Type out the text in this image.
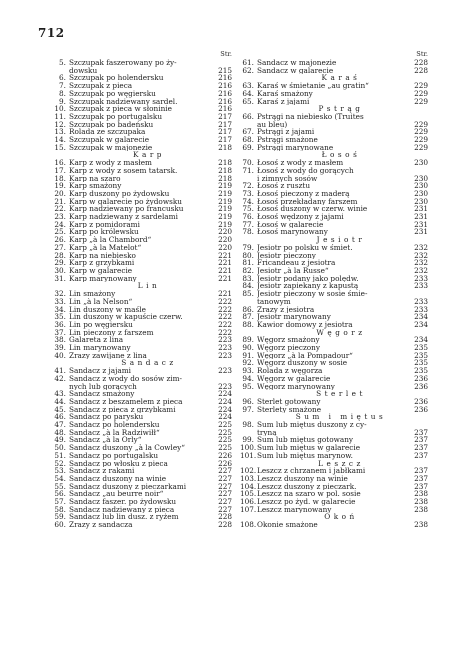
712
Str.
5. Szczupak faszerowany po ży-
dowsku	215
6. Szczupak po holendersku	216
7. Szczupak z pieca	216
8. Szczupak po węgiersku	216
9. Szczupak nadziewany sardel.	216
10. Szczupak z pieca w słoninie	216
11. Szczupak po portugalsku	217
12. Szczupak po badeńsku	217
13. Rolada ze szczupaka	217
14. Szczupak w galarecie	217
15. Szczupak w majonezie	218
Karp
16. Karp z wody z masłem	218
17. Karp z wody z sosem tatarsk.	218
18. Karp na szaro	218
19. Karp smażony	219
20. Karp duszony po żydowsku	219
21. Karp w galarecie po żydowsku	219
22. Karp nadziewany po francusku	219
23. Karp nadziewany z sardelami	219
24. Karp z pomidorami	219
25. Karp po królewsku	220
26. Karp „à la Chambord“	220
27. Karp „à la Matelot“	220
28. Karp na niebiesko	221
29. Karp z grzybkami	221
30. Karp w galarecie	221
31. Karp marynowany	221
Lin
32. Lin smażony	221
33. Lin „à la Nelson“	222
34. Lin duszony w maśle	222
35. Lin duszony w kapuście czerw.	222
36. Lin po węgiersku	222
37. Lin pieczony z farszem	222
38. Galareta z lina	223
39. Lin marynowany	223
40. Zrazy zawijane z lina	223
Sandacz
41. Sandacz z jajami	223
42. Sandacz z wody do sosów zim-
nych lub gorących	223
43. Sandacz smażony	224
44. Sandacz z beszamelem z pieca	224
45. Sandacz z pieca z grzybkami	224
46. Sandacz po parysku	224
47. Sandacz po holendersku	225
48. Sandacz „à la Radziwiłł“	225
49. Sandacz „à la Orly“	225
50. Sandacz duszony „à la Cowley“	225
51. Sandacz po portugalsku	226
52. Sandacz po włosku z pieca	226
53. Sandacz z rakami	227
54. Sandacz duszony na winie	227
55. Sandacz duszony z pieczarkami	227
56. Sandacz „au beurre noir“	227
57. Sandacz faszer. po żydowsku	227
58. Sandacz nadziewany z pieca	227
59. Sandacz lub lin dusz. z ryżem	228
60. Zrazy z sandacza	228
Str.
61. Sandacz w majonezie	228
62. Sandacz w galarecie	228
Karaś
63. Karaś w śmietanie „au gratin“	229
64. Karaś smażony	229
65. Karaś z jajami	229
Pstrąg
66. Pstrągi na niebiesko (Truites
au bleu)	229
67. Pstrągi z jajami	229
68. Pstrągi smażone	229
69. Pstrągi marynowane	229
Łosoś
70. Łosoś z wody z masłem	230
71. Łosoś z wody do gorących
i zimnych sosów	230
72. Łosoś z rusztu	230
73. Łosoś pieczony z maderą	230
74. Łosoś przekładany farszem	230
75. Łosoś duszony w czerw. winie	231
76. Łosoś wędzony z jajami	231
77. Łosoś w galarecie	231
78. Łosoś marynowany	231
Jesiotr
79. Jesiotr po polsku w śmiet.	232
80. Jesiotr pieczony	232
81. Fricandeau z jesiotra	232
82. Jesiotr „à la Russe“	232
83. Jesiotr podany jako polędw.	233
84. Jesiotr zapiekany z kapustą	233
85. Jesiotr pieczony w sosie śmie-
tanowym	233
86. Zrazy z jesiotra	233
87. Jesiotr marynowany	234
88. Kawior domowy z jesiotra	234
Węgorz
89. Węgorz smażony	234
90. Węgorz pieczony	235
91. Węgorz „à la Pompadour“	235
92. Węgorz duszony w sosie	235
93. Rolada z węgorza	235
94. Węgorz w galarecie	236
95. Węgorz marynowany	236
Sterlet
96. Sterlet gotowany	236
97. Sterlety smażone	236
Sum i miętus
98. Sum lub miętus duszony z cy-
tryną	237
99. Sum lub miętus gotowany	237
100. Sum lub miętus w galarecie	237
101. Sum lub miętus marynow.	237
Leszcz
102. Leszcz z chrzanem i jabłkami	237
103. Leszcz duszony na winie	237
104. Leszcz duszony z pieczark.	237
105. Leszcz na szaro w pol. sosie	238
106. Leszcz po żyd. w galarecie	238
107. Leszcz marynowany	238
Okoń
108. Okonie smażone	238
